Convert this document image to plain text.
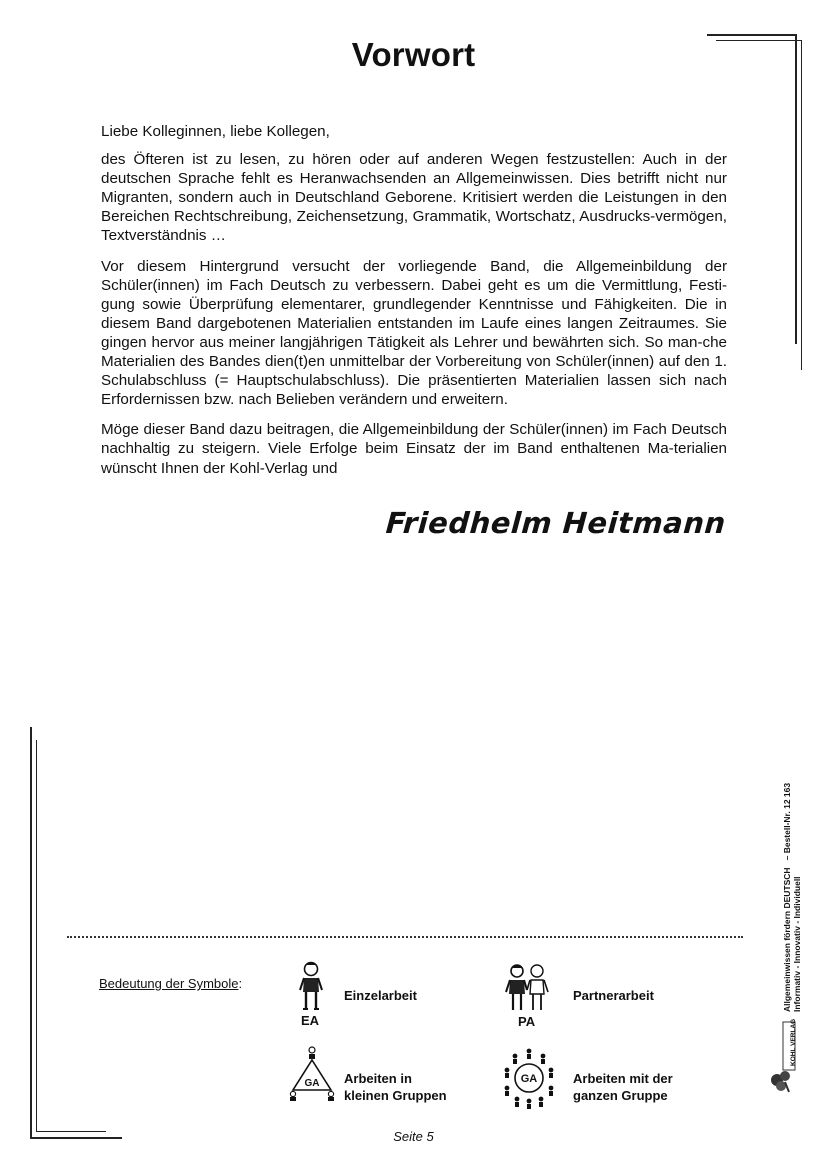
Vorwort

Liebe Kolleginnen, liebe Kollegen,

des Öfteren ist zu lesen, zu hören oder auf anderen Wegen festzustellen: Auch in der deutschen Sprache fehlt es Heranwachsenden an Allgemeinwissen. Dies betrifft nicht nur Migranten, sondern auch in Deutschland Geborene. Kritisiert werden die Leistungen in den Bereichen Rechtschreibung, Zeichensetzung, Grammatik, Wortschatz, Ausdrucks-vermögen, Textverständnis …

Vor diesem Hintergrund versucht der vorliegende Band, die Allgemeinbildung der Schüler(innen) im Fach Deutsch zu verbessern. Dabei geht es um die Vermittlung, Festi-gung sowie Überprüfung elementarer, grundlegender Kenntnisse und Fähigkeiten. Die in diesem Band dargebotenen Materialien entstanden im Laufe eines langen Zeitraumes. Sie gingen hervor aus meiner langjährigen Tätigkeit als Lehrer und bewährten sich. So man-che Materialien des Bandes dien(t)en unmittelbar der Vorbereitung von Schüler(innen) auf den 1. Schulabschluss (= Hauptschulabschluss). Die präsentierten Materialien lassen sich nach Erfordernissen bzw. nach Belieben verändern und erweitern.

Möge dieser Band dazu beitragen, die Allgemeinbildung der Schüler(innen) im Fach Deutsch nachhaltig zu steigern. Viele Erfolge beim Einsatz der im Band enthaltenen Ma-terialien wünscht Ihnen der Kohl-Verlag und

Friedhelm Heitmann
Bedeutung der Symbole:
EA
Einzelarbeit
PA
Partnerarbeit
GA Arbeiten in
kleinen Gruppen
GA	Arbeiten mit der
ganzen Gruppe
Allgemeinwissen fördern DEUTSCH   – Bestell-Nr. 12 163
Informativ - Innovativ - Individuell
KOHL VERLAG
Seite 5
